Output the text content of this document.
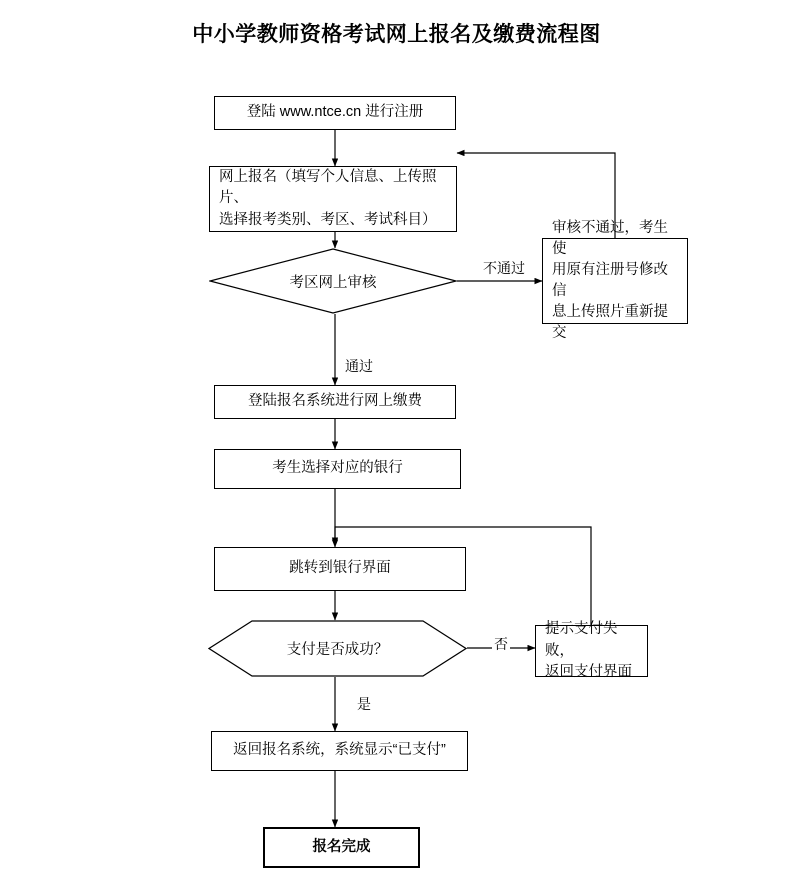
中小学教师资格考试网上报名及缴费流程图
登陆 www.ntce.cn 进行注册
网上报名（填写个人信息、上传照片、
选择报考类别、考区、考试科目）
考区网上审核
审核不通过，考生使
用原有注册号修改信
息上传照片重新提交
登陆报名系统进行网上缴费
考生选择对应的银行
跳转到银行界面
支付是否成功？
提示支付失败，
返回支付界面
返回报名系统，系统显示“已支付”
报名完成
不通过
通过
否
是
